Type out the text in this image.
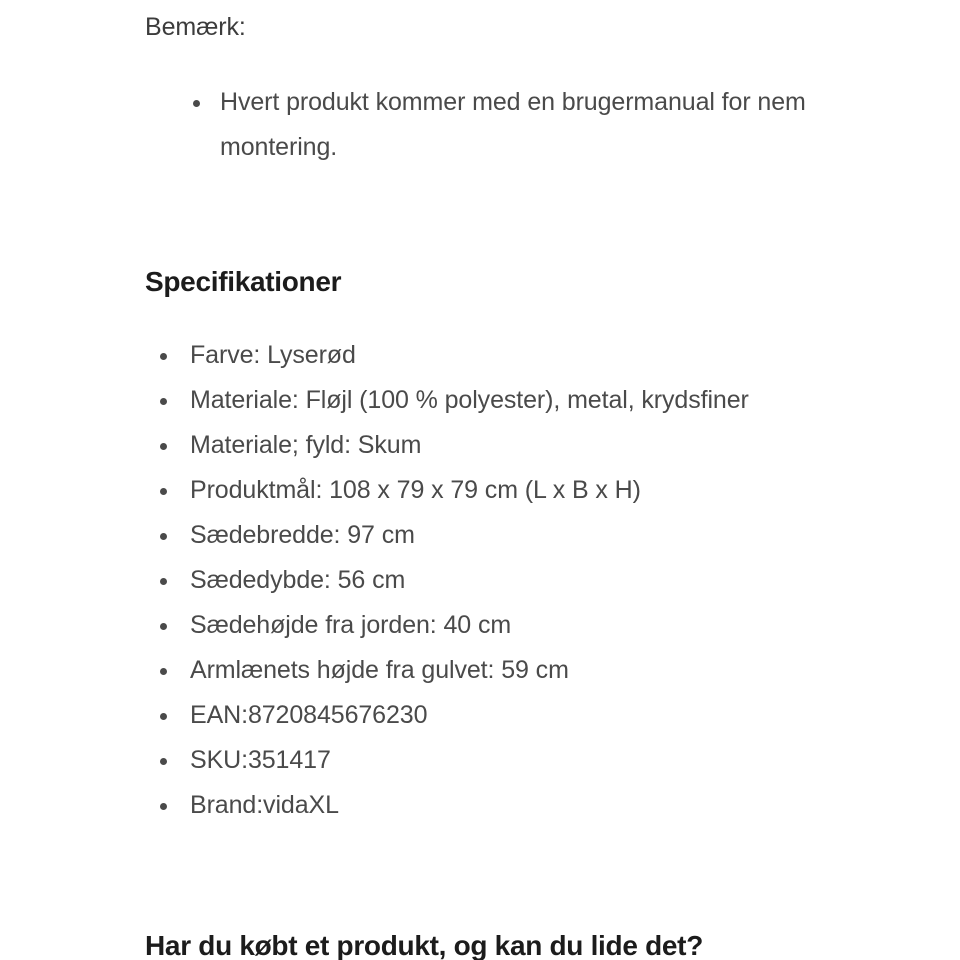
Bemærk:
Hvert produkt kommer med en brugermanual for nem montering.
Specifikationer
Farve: Lyserød
Materiale: Fløjl (100 % polyester), metal, krydsfiner
Materiale; fyld: Skum
Produktmål: 108 x 79 x 79 cm (L x B x H)
Sædebredde: 97 cm
Sædedybde: 56 cm
Sædehøjde fra jorden: 40 cm
Armlænets højde fra gulvet: 59 cm
EAN:8720845676230
SKU:351417
Brand:vidaXL
Har du købt et produkt, og kan du lide det?
